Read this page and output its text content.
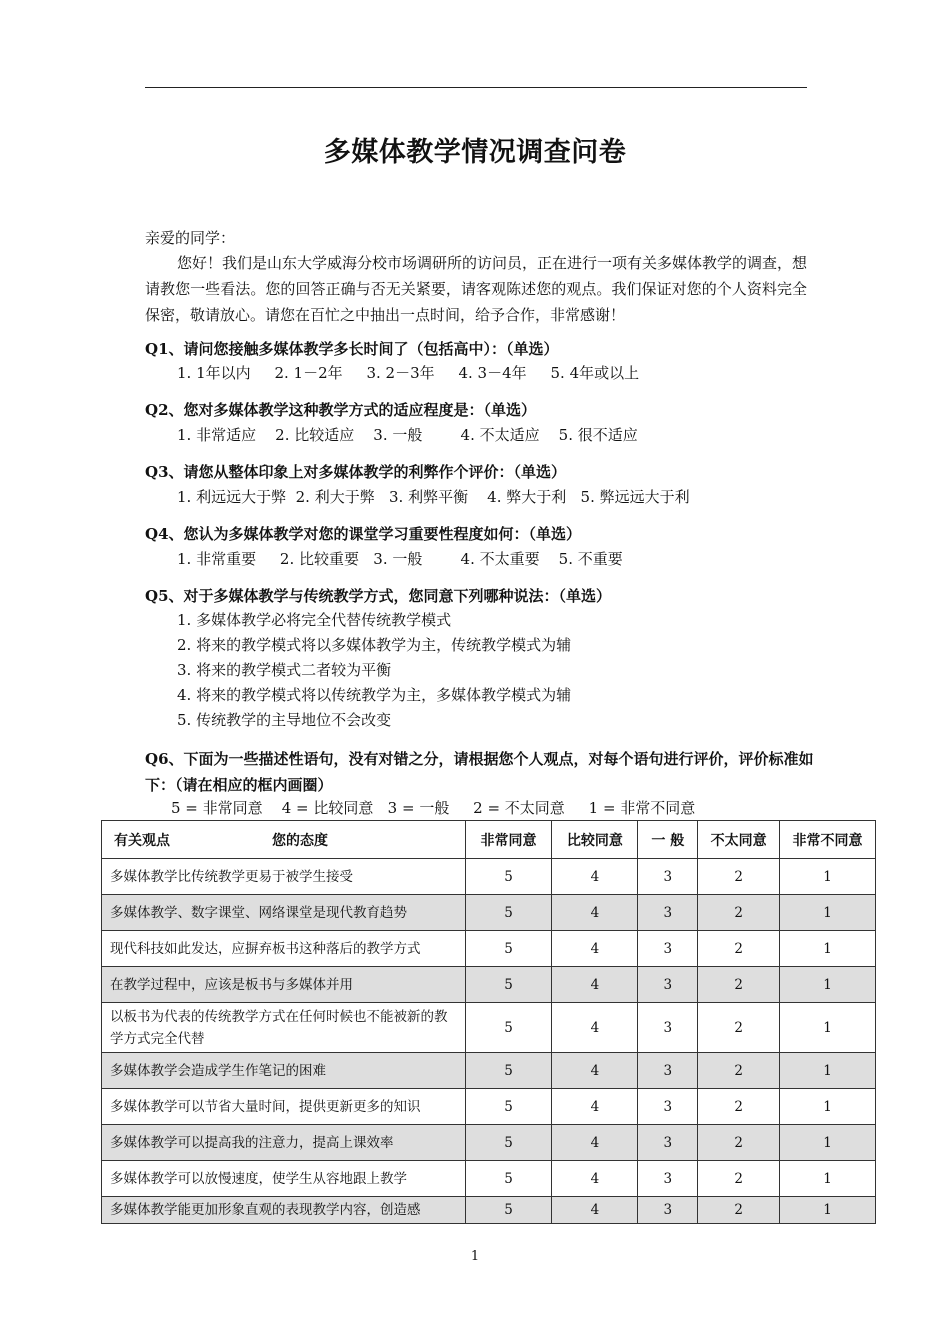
多媒体教学情况调查问卷
亲爱的同学：
您好！我们是山东大学威海分校市场调研所的访问员，正在进行一项有关多媒体教学的调查，想请教您一些看法。您的回答正确与否无关紧要，请客观陈述您的观点。我们保证对您的个人资料完全保密，敬请放心。请您在百忙之中抽出一点时间，给予合作，非常感谢！
Q1、请问您接触多媒体教学多长时间了（包括高中）：（单选）
1. 1年以内     2. 1－2年     3. 2－3年     4. 3－4年     5. 4年或以上
Q2、您对多媒体教学这种教学方式的适应程度是：（单选）
1. 非常适应    2. 比较适应    3. 一般        4. 不太适应    5. 很不适应
Q3、请您从整体印象上对多媒体教学的利弊作个评价：（单选）
1. 利远远大于弊  2. 利大于弊   3. 利弊平衡    4. 弊大于利   5. 弊远远大于利
Q4、您认为多媒体教学对您的课堂学习重要性程度如何：（单选）
1. 非常重要     2. 比较重要   3. 一般        4. 不太重要    5. 不重要
Q5、对于多媒体教学与传统教学方式，您同意下列哪种说法：（单选）
1. 多媒体教学必将完全代替传统教学模式
2. 将来的教学模式将以多媒体教学为主，传统教学模式为辅
3. 将来的教学模式二者较为平衡
4. 将来的教学模式将以传统教学为主，多媒体教学模式为辅
5. 传统教学的主导地位不会改变
Q6、下面为一些描述性语句，没有对错之分，请根据您个人观点，对每个语句进行评价，评价标准如下：（请在相应的框内画圈）
5 = 非常同意    4 = 比较同意   3 = 一般     2 = 不太同意     1 = 非常不同意
有关观点 您的态度	非常同意	比较同意	一 般	不太同意	非常不同意
多媒体教学比传统教学更易于被学生接受	5	4	3	2	1
多媒体教学、数字课堂、网络课堂是现代教育趋势	5	4	3	2	1
现代科技如此发达，应摒弃板书这种落后的教学方式	5	4	3	2	1
在教学过程中，应该是板书与多媒体并用	5	4	3	2	1
以板书为代表的传统教学方式在任何时候也不能被新的教学方式完全代替	5	4	3	2	1
多媒体教学会造成学生作笔记的困难	5	4	3	2	1
多媒体教学可以节省大量时间，提供更新更多的知识	5	4	3	2	1
多媒体教学可以提高我的注意力，提高上课效率	5	4	3	2	1
多媒体教学可以放慢速度，使学生从容地跟上教学	5	4	3	2	1
多媒体教学能更加形象直观的表现教学内容，创造感	5	4	3	2	1
1
